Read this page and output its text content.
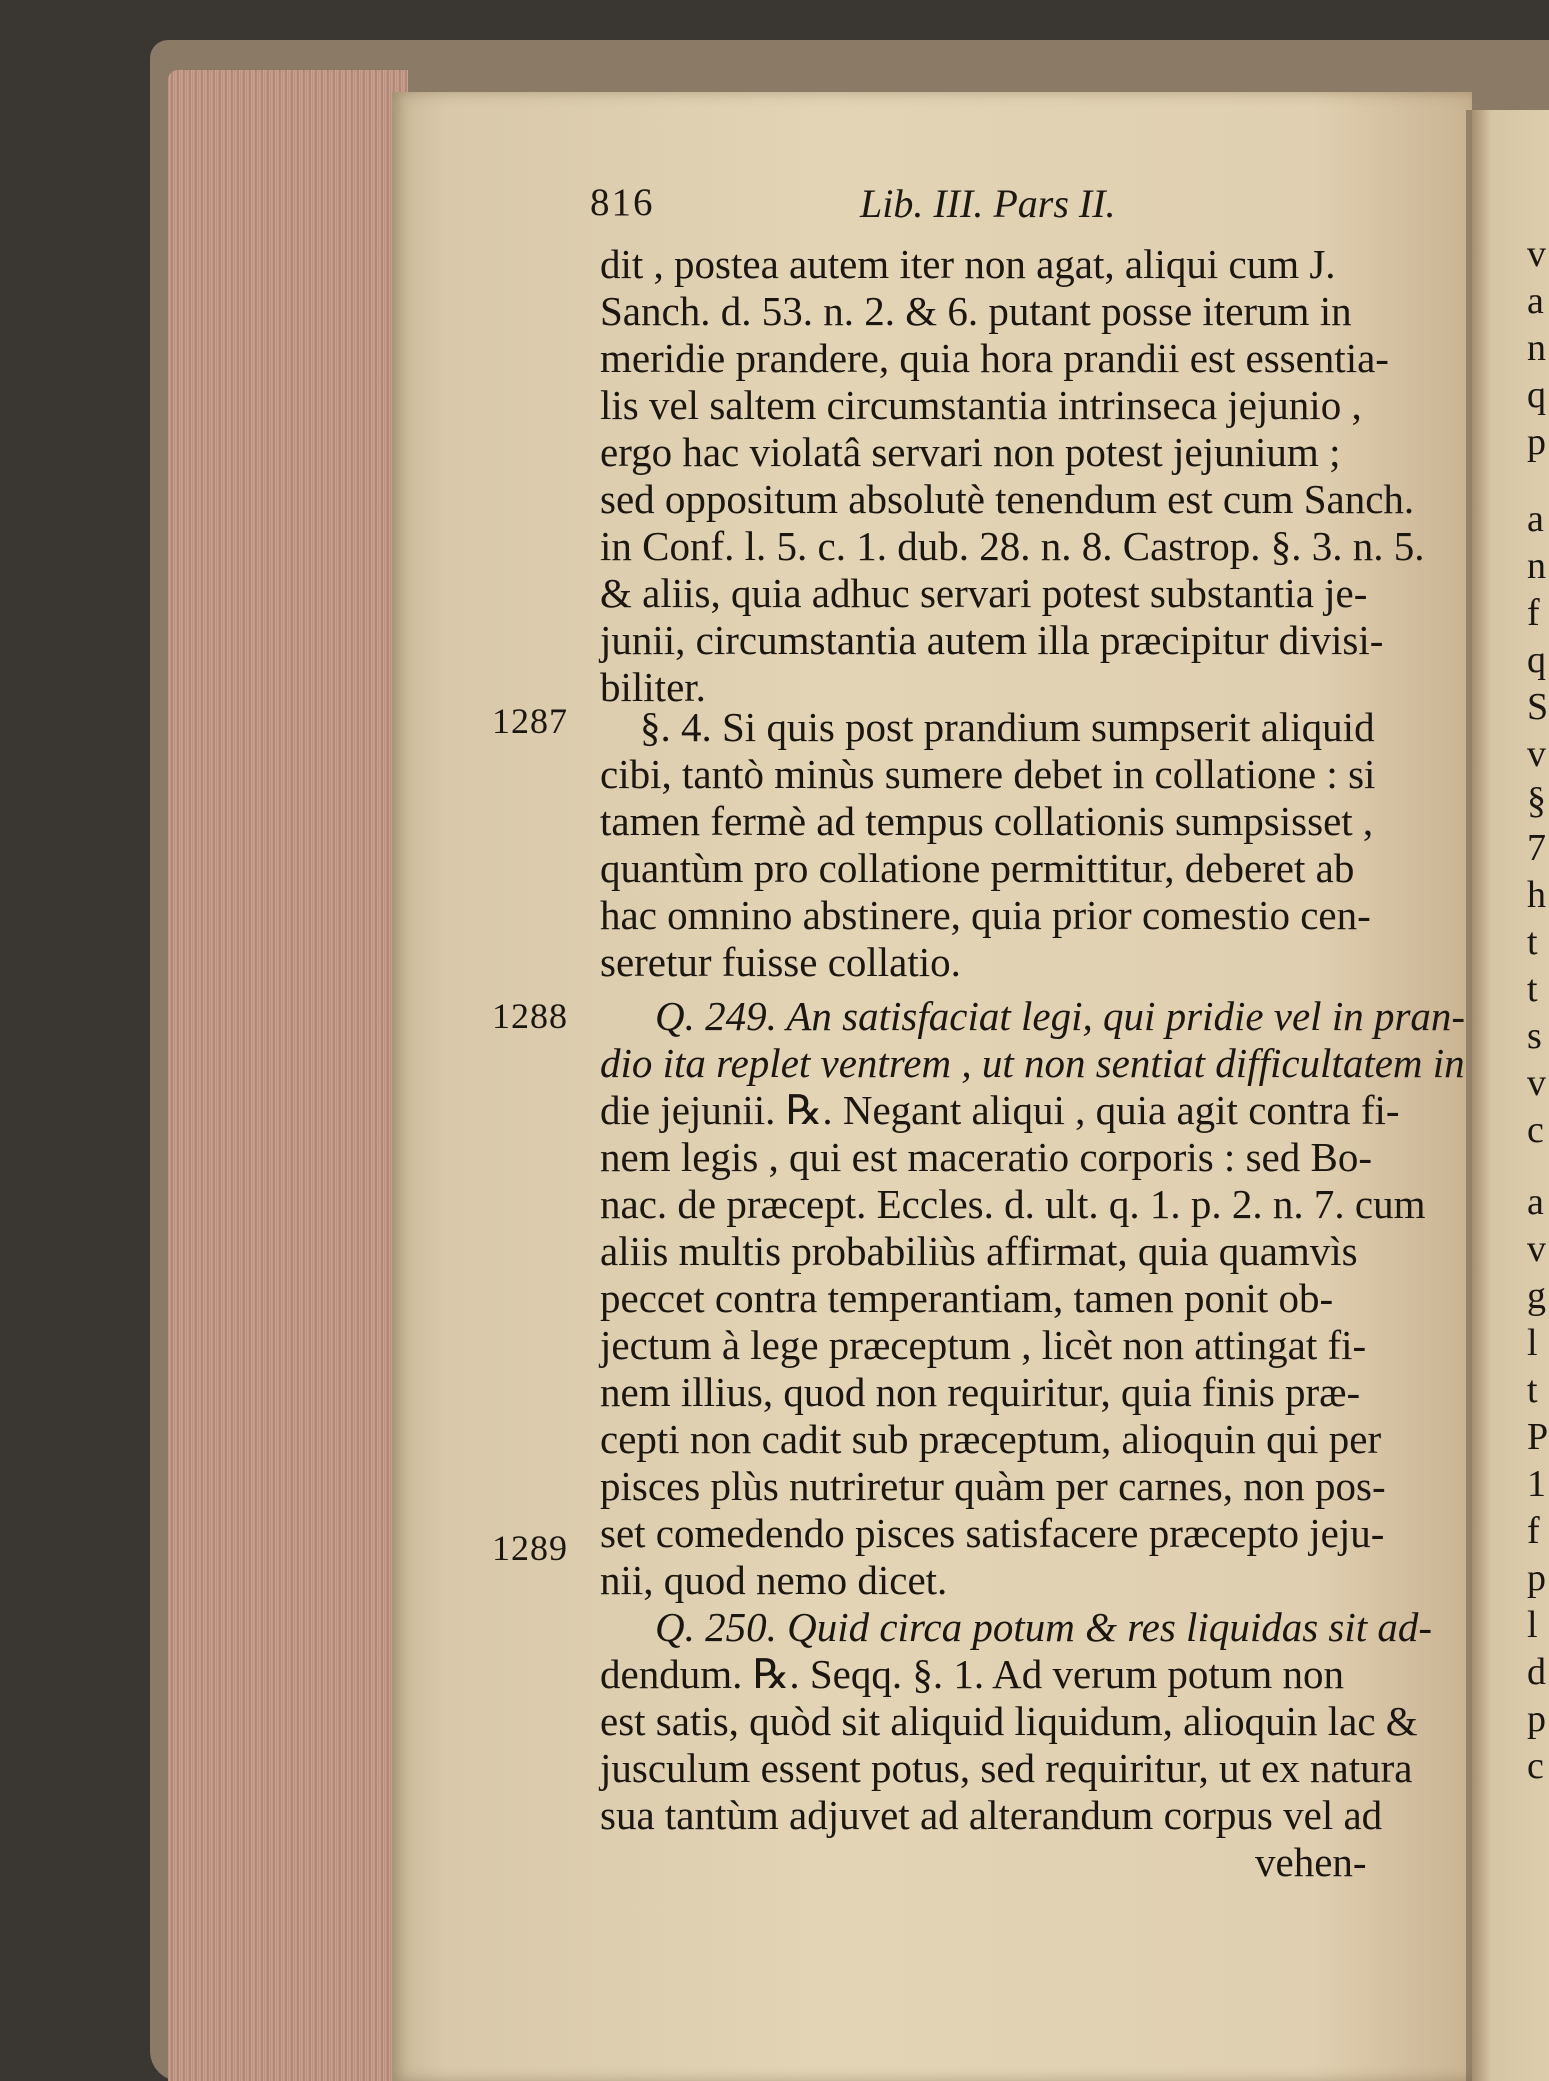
816	Lib. III. Pars II.
1287
1288
1289
dit , postea autem iter non agat, aliqui cum J.
Sanch. d. 53. n. 2. & 6. putant posse iterum in
meridie prandere, quia hora prandii est essentia-
lis vel saltem circumstantia intrinseca jejunio ,
ergo hac violatâ servari non potest jejunium ;
sed oppositum absolutè tenendum est cum Sanch.
in Conf. l. 5. c. 1. dub. 28. n. 8. Castrop. §. 3. n. 5.
& aliis, quia adhuc servari potest substantia je-
junii, circumstantia autem illa præcipitur divisi-
biliter.
§. 4. Si quis post prandium sumpserit aliquid
cibi, tantò minùs sumere debet in collatione : si
tamen fermè ad tempus collationis sumpsisset ,
quantùm pro collatione permittitur, deberet ab
hac omnino abstinere, quia prior comestio cen-
seretur fuisse collatio.
Q. 249. An satisfaciat legi, qui pridie vel in pran-
dio ita replet ventrem , ut non sentiat difficultatem in
die jejunii. ℞. Negant aliqui , quia agit contra fi-
nem legis , qui est maceratio corporis : sed Bo-
nac. de præcept. Eccles. d. ult. q. 1. p. 2. n. 7. cum
aliis multis probabiliùs affirmat, quia quamvìs
peccet contra temperantiam, tamen ponit ob-
jectum à lege præceptum , licèt non attingat fi-
nem illius, quod non requiritur, quia finis præ-
cepti non cadit sub præceptum, alioquin qui per
pisces plùs nutriretur quàm per carnes, non pos-
set comedendo pisces satisfacere præcepto jeju-
nii, quod nemo dicet.
Q. 250. Quid circa potum & res liquidas sit ad-
dendum. ℞. Seqq. §. 1. Ad verum potum non
est satis, quòd sit aliquid liquidum, alioquin lac &
jusculum essent potus, sed requiritur, ut ex natura
sua tantùm adjuvet ad alterandum corpus vel ad
vehen-
v
a
n
q
p
a
n
f
q
S
v
§
7
h
t
t
s
v
c
a
v
g
l
t
P
1
f
p
l
d
p
c
